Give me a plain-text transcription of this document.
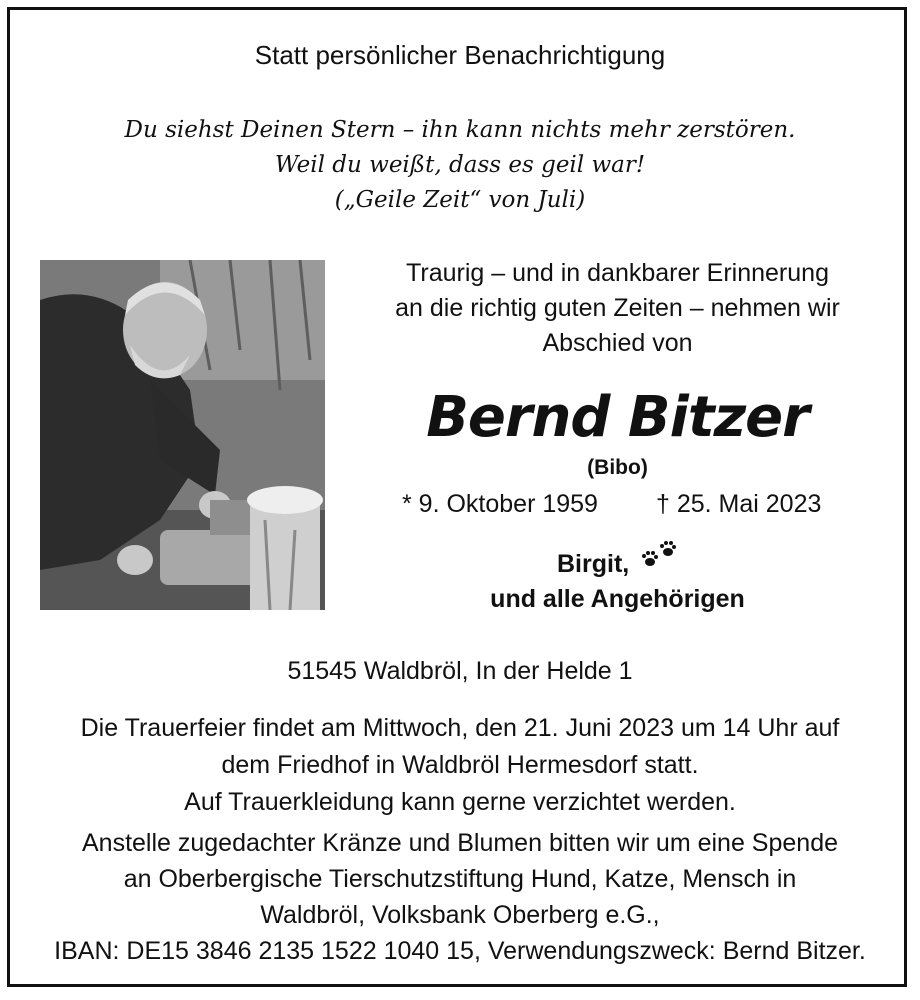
Statt persönlicher Benachrichtigung
Du siehst Deinen Stern – ihn kann nichts mehr zerstören.
Weil du weißt, dass es geil war!
(„Geile Zeit“ von Juli)
Traurig – und in dankbarer Erinnerung
an die richtig guten Zeiten – nehmen wir
Abschied von
Bernd Bitzer
(Bibo)
* 9. Oktober 1959 † 25. Mai 2023
Birgit,
und alle Angehörigen
51545 Waldbröl, In der Helde 1
Die Trauerfeier findet am Mittwoch, den 21. Juni 2023 um 14 Uhr auf
dem Friedhof in Waldbröl Hermesdorf statt.
Auf Trauerkleidung kann gerne verzichtet werden.
Anstelle zugedachter Kränze und Blumen bitten wir um eine Spende
an Oberbergische Tierschutzstiftung Hund, Katze, Mensch in
Waldbröl, Volksbank Oberberg e.G.,
IBAN: DE15 3846 2135 1522 1040 15, Verwendungszweck: Bernd Bitzer.
